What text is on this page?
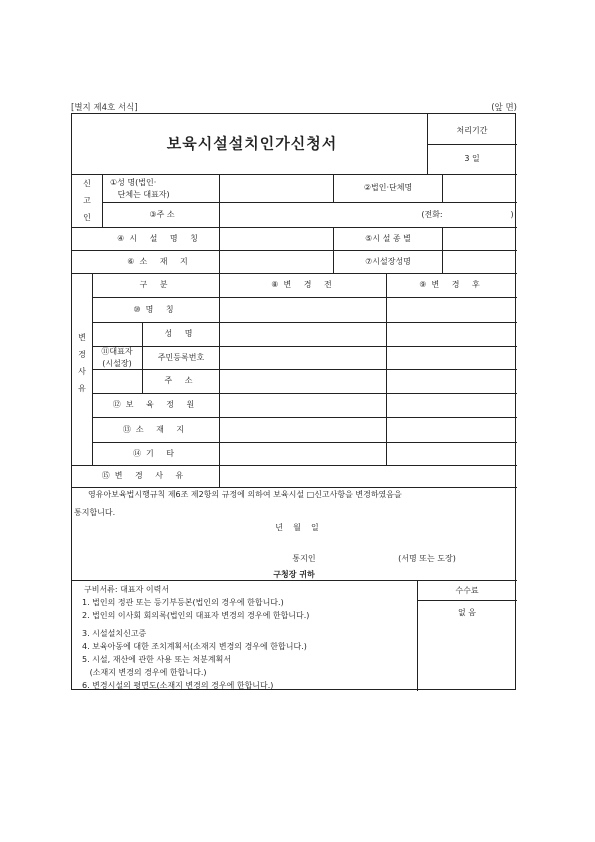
[별지 제4호 서식]	(앞 면)
보육시설설치인가신청서
처리기간
3 일
신고인
①성 명(법인·
단체는 대표자)
②법인·단체명
③주 소	(전화:	)
④시 설 명 칭	⑤시 설 종 별
⑥소 재 지	⑦시설장성명
변경사유
구 분	⑧변 경 전	⑨변 경 후
⑩명 칭
⑪대표자
(시설장)
성 명
주민등록번호
주 소
⑫보 육 정 원
⑬소 재 지
⑭기 타
⑮변 경 사 유
영유아보육법시행규칙 제6조 제2항의 규정에 의하여 보육시설 □신고사항을 변경하였음을
통지합니다.
년    월    일
통지인	(서명 또는 도장)
구청장 귀하
구비서류: 대표자 이력서
1. 법인의 정관 또는 등기부등본(법인의 경우에 한합니다.)
2. 법인의 이사회 회의록(법인의 대표자 변경의 경우에 한합니다.)
3. 시설설치신고증
4. 보육아동에 대한 조치계획서(소재지 변경의 경우에 한합니다.)
5. 시설, 재산에 관한 사용 또는 처분계획서
(소재지 변경의 경우에 한합니다.)
6. 변경시설의 평면도(소재지 변경의 경우에 한합니다.)
수수료
없 음
